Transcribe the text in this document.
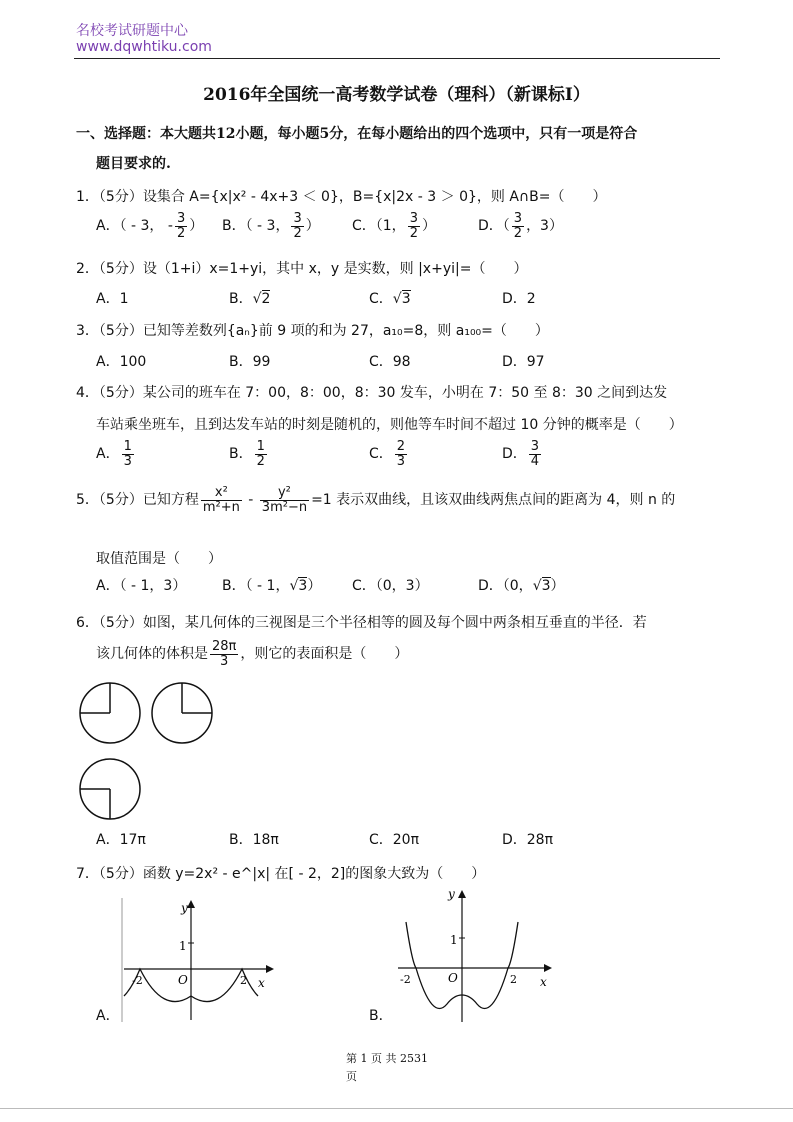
名校考试研题中心
www.dqwhtiku.com
2016年全国统一高考数学试卷（理科）（新课标Ⅰ）
一、选择题：本大题共12小题，每小题5分，在每小题给出的四个选项中，只有一项是符合
题目要求的.
1．（5分）设集合 A={x|x² - 4x+3 ＜ 0}，B={x|2x - 3 ＞ 0}，则 A∩B=（　　）
A．（ - 3， - $\frac{3}{2}$ ） B．（ - 3， $\frac{3}{2}$ ） C．（1， $\frac{3}{2}$ ）	D．（ $\frac{3}{2}$ ，3）
2．（5分）设（1+i）x=1+yi，其中 x，y 是实数，则 |x+yi|=（　　）
A．1	B．√2	C．√3	D．2
3．（5分）已知等差数列{aₙ}前 9 项的和为 27，a₁₀=8，则 a₁₀₀=（　　）
A．100	B．99	C．98	D．97
4．（5分）某公司的班车在 7：00，8：00，8：30 发车，小明在 7：50 至 8：30 之间到达发
车站乘坐班车，且到达发车站的时刻是随机的，则他等车时间不超过 10 分钟的概率是（　　）
A． $\frac{1}{3}$	B． $\frac{1}{2}$	C． $\frac{2}{3}$	D． $\frac{3}{4}$
5．（5分）已知方程 $\frac{\text{x²}}{\text{m²+n}} - \frac{\text{y²}}{\text{3m²−n}} =1$ 表示双曲线，且该双曲线两焦点间的距离为 4，则 n 的
取值范围是（　　）
A．（ - 1，3）	B．（ - 1，√3） C．（0，3）	D．（0，√3）
6．（5分）如图，某几何体的三视图是三个半径相等的圆及每个圆中两条相互垂直的半径．若
该几何体的体积是 $\frac{28\pi}{3}$ ，则它的表面积是（　　）
A．17π	B．18π	C．20π	D．28π
7．（5分）函数 y=2x² - e^|x| 在[ - 2，2]的图象大致为（　　）
y
1
O
-2	2 x
A．
y
1
O
-2	2 x
B．
第 1 页 共 2531
页
